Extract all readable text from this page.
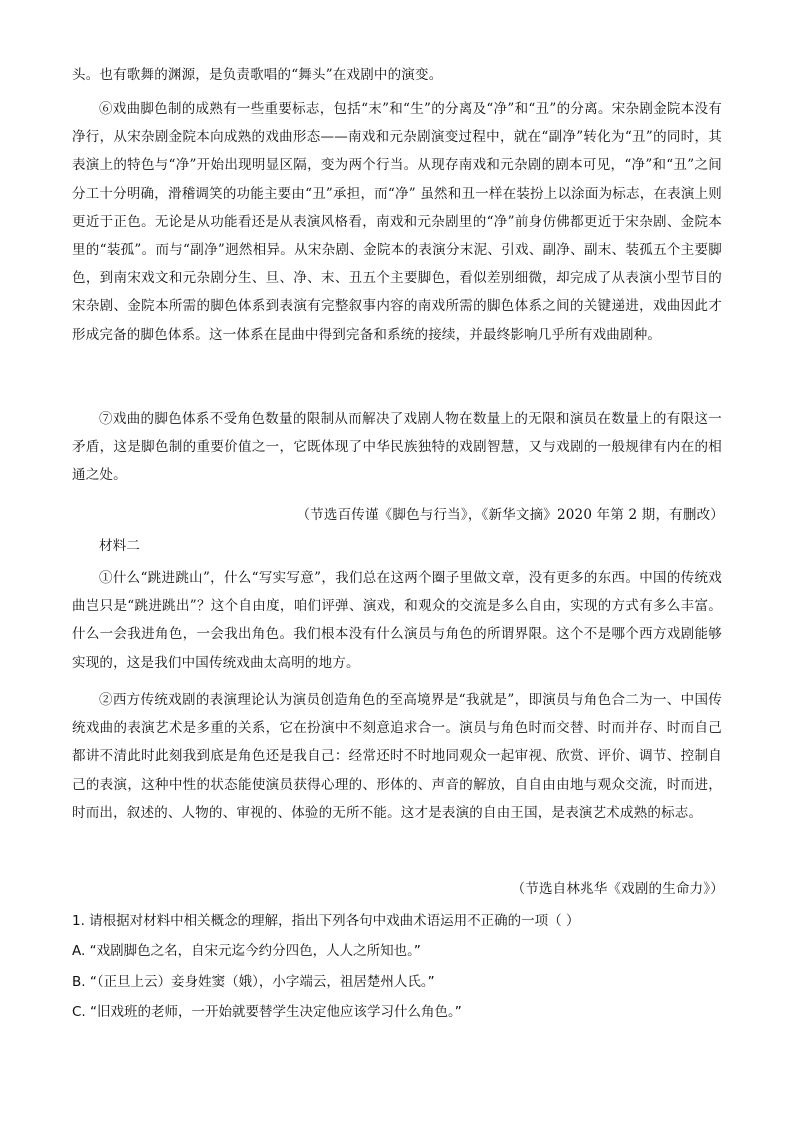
头。也有歌舞的渊源，是负责歌唱的“舞头”在戏剧中的演变。

⑥戏曲脚色制的成熟有一些重要标志，包括“末”和“生”的分离及“净”和“丑”的分离。宋杂剧金院本没有净行，从宋杂剧金院本向成熟的戏曲形态——南戏和元杂剧演变过程中，就在“副净”转化为“丑”的同时，其表演上的特色与“净”开始出现明显区隔，变为两个行当。从现存南戏和元杂剧的剧本可见，“净”和“丑”之间分工十分明确，滑稽调笑的功能主要由“丑”承担，而“净” 虽然和丑一样在装扮上以涂面为标志，在表演上则更近于正色。无论是从功能看还是从表演风格看，南戏和元杂剧里的“净”前身仿佛都更近于宋杂剧、金院本里的“装孤”。而与“副净”迥然相异。从宋杂剧、金院本的表演分末泥、引戏、副净、副末、装孤五个主要脚色，到南宋戏文和元杂剧分生、旦、净、末、丑五个主要脚色，看似差别细微，却完成了从表演小型节目的宋杂剧、金院本所需的脚色体系到表演有完整叙事内容的南戏所需的脚色体系之间的关键递进，戏曲因此才形成完备的脚色体系。这一体系在昆曲中得到完备和系统的接续，并最终影响几乎所有戏曲剧种。

⑦戏曲的脚色体系不受角色数量的限制从而解决了戏剧人物在数量上的无限和演员在数量上的有限这一矛盾，这是脚色制的重要价值之一，它既体现了中华民族独特的戏剧智慧，又与戏剧的一般规律有内在的相通之处。

（节选百传谨《脚色与行当》，《新华文摘》2020 年第 2 期，有删改）

材料二

①什么“跳进跳山”，什么“写实写意”，我们总在这两个圈子里做文章，没有更多的东西。中国的传统戏曲岂只是“跳进跳出”？这个自由度，咱们评弹、演戏，和观众的交流是多么自由，实现的方式有多么丰富。什么一会我进角色，一会我出角色。我们根本没有什么演员与角色的所谓界限。这个不是哪个西方戏剧能够实现的，这是我们中国传统戏曲太高明的地方。

②西方传统戏剧的表演理论认为演员创造角色的至高境界是“我就是”，即演员与角色合二为一、中国传统戏曲的表演艺术是多重的关系，它在扮演中不刻意追求合一。演员与角色时而交替、时而并存、时而自己都讲不清此时此刻我到底是角色还是我自己：经常还时不时地同观众一起审视、欣赏、评价、调节、控制自己的表演，这种中性的状态能使演员获得心理的、形体的、声音的解放，自自由由地与观众交流，时而进，时而出，叙述的、人物的、审视的、体验的无所不能。这才是表演的自由王国，是表演艺术成熟的标志。

（节选自林兆华《戏剧的生命力》）

1. 请根据对材料中相关概念的理解，指出下列各句中戏曲术语运用不正确的一项（ ）

A. “戏剧脚色之名，自宋元迄今约分四色，人人之所知也。”

B. “（正旦上云）妾身姓窦（娥），小字端云，祖居楚州人氏。”

C. “旧戏班的老师，一开始就要替学生决定他应该学习什么角色。”
